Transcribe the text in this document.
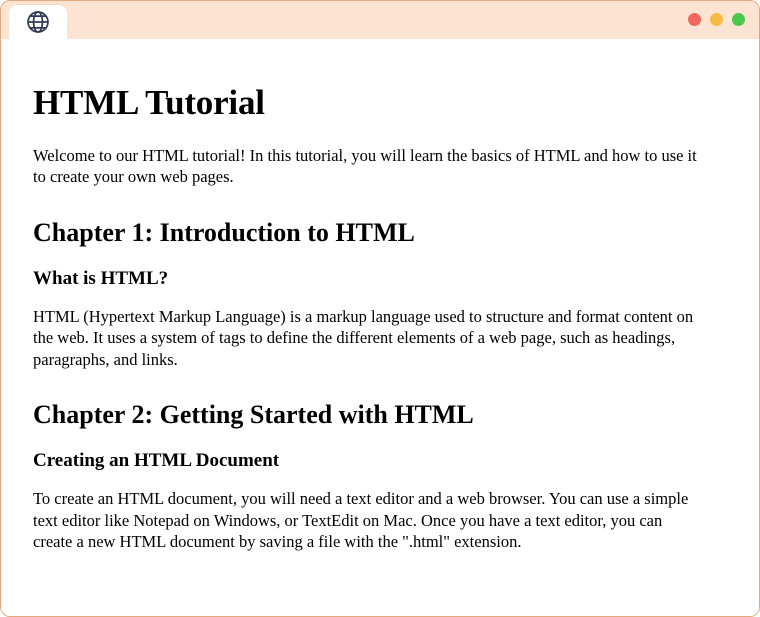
HTML Tutorial

Welcome to our HTML tutorial! In this tutorial, you will learn the basics of HTML and how to use it to create your own web pages.

Chapter 1: Introduction to HTML
What is HTML?

HTML (Hypertext Markup Language) is a markup language used to structure and format content on the web. It uses a system of tags to define the different elements of a web page, such as headings, paragraphs, and links.

Chapter 2: Getting Started with HTML
Creating an HTML Document

To create an HTML document, you will need a text editor and a web browser. You can use a simple text editor like Notepad on Windows, or TextEdit on Mac. Once you have a text editor, you can create a new HTML document by saving a file with the ".html" extension.
